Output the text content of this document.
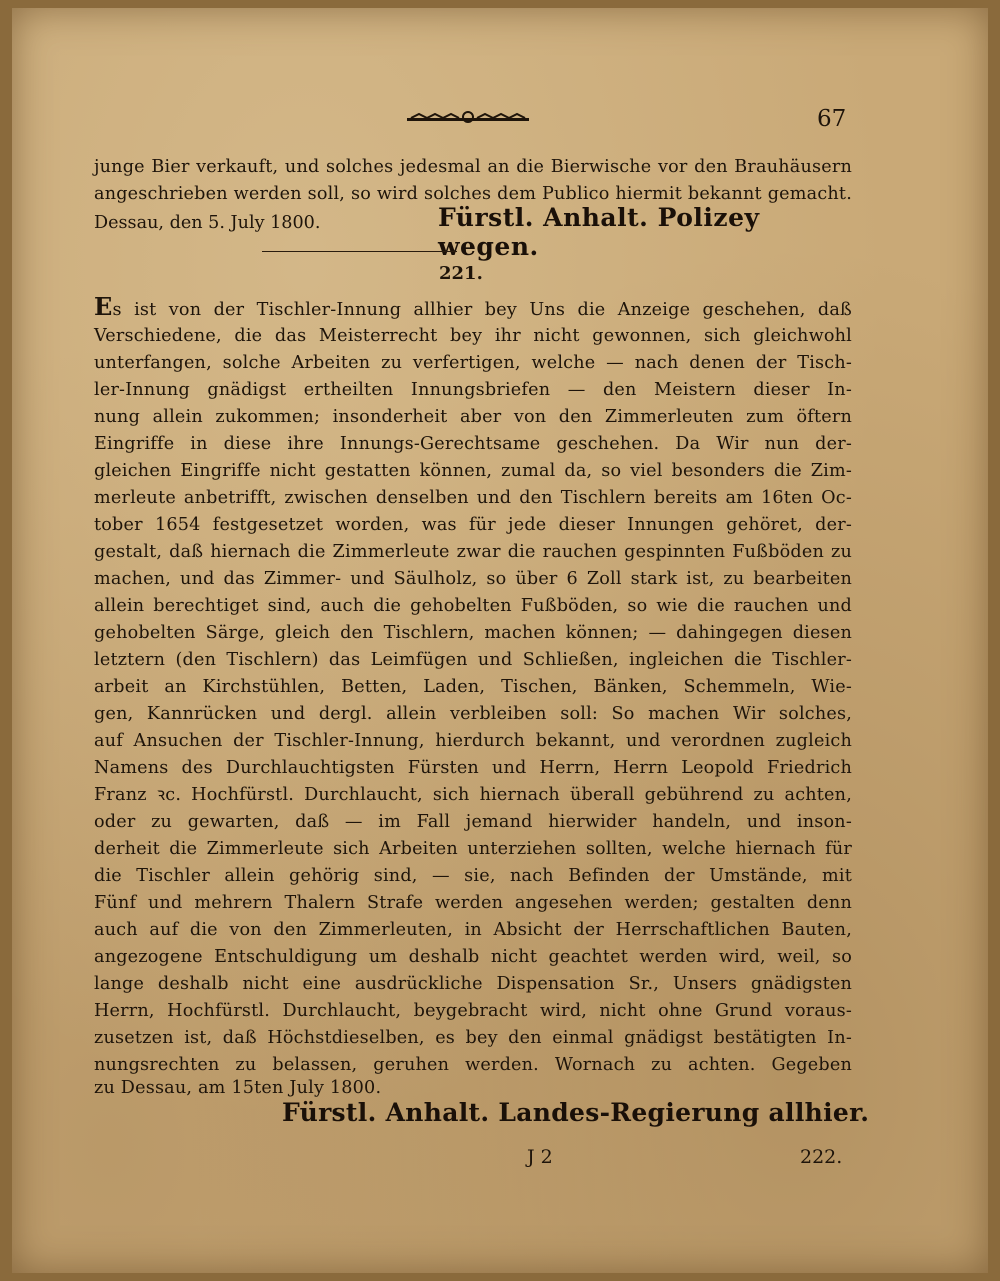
67
junge Bier verkauft, und solches jedesmal an die Bierwische vor den Brauhäusern
angeschrieben werden soll, so wird solches dem Publico hiermit bekannt gemacht.
Dessau, den 5. July 1800.	Fürstl. Anhalt. Polizey wegen.
221.
Es ist von der Tischler-Innung allhier bey Uns die Anzeige geschehen, daß
Verschiedene, die das Meisterrecht bey ihr nicht gewonnen, sich gleichwohl
unterfangen, solche Arbeiten zu verfertigen, welche — nach denen der Tisch-
ler-Innung gnädigst ertheilten Innungsbriefen — den Meistern dieser In-
nung allein zukommen; insonderheit aber von den Zimmerleuten zum öftern
Eingriffe in diese ihre Innungs-Gerechtsame geschehen. Da Wir nun der-
gleichen Eingriffe nicht gestatten können, zumal da, so viel besonders die Zim-
merleute anbetrifft, zwischen denselben und den Tischlern bereits am 16ten Oc-
tober 1654 festgesetzet worden, was für jede dieser Innungen gehöret, der-
gestalt, daß hiernach die Zimmerleute zwar die rauchen gespinnten Fußböden zu
machen, und das Zimmer- und Säulholz, so über 6 Zoll stark ist, zu bearbeiten
allein berechtiget sind, auch die gehobelten Fußböden, so wie die rauchen und
gehobelten Särge, gleich den Tischlern, machen können; — dahingegen diesen
letztern (den Tischlern) das Leimfügen und Schließen, ingleichen die Tischler-
arbeit an Kirchstühlen, Betten, Laden, Tischen, Bänken, Schemmeln, Wie-
gen, Kannrücken und dergl. allein verbleiben soll: So machen Wir solches,
auf Ansuchen der Tischler-Innung, hierdurch bekannt, und verordnen zugleich
Namens des Durchlauchtigsten Fürsten und Herrn, Herrn Leopold Friedrich
Franz ꝛc. Hochfürstl. Durchlaucht, sich hiernach überall gebührend zu achten,
oder zu gewarten, daß — im Fall jemand hierwider handeln, und inson-
derheit die Zimmerleute sich Arbeiten unterziehen sollten, welche hiernach für
die Tischler allein gehörig sind, — sie, nach Befinden der Umstände, mit
Fünf und mehrern Thalern Strafe werden angesehen werden; gestalten denn
auch auf die von den Zimmerleuten, in Absicht der Herrschaftlichen Bauten,
angezogene Entschuldigung um deshalb nicht geachtet werden wird, weil, so
lange deshalb nicht eine ausdrückliche Dispensation Sr., Unsers gnädigsten
Herrn, Hochfürstl. Durchlaucht, beygebracht wird, nicht ohne Grund voraus-
zusetzen ist, daß Höchstdieselben, es bey den einmal gnädigst bestätigten In-
nungsrechten zu belassen, geruhen werden. Wornach zu achten. Gegeben
zu Dessau, am 15ten July 1800.
Fürstl. Anhalt. Landes-Regierung allhier.
J 2	222.
